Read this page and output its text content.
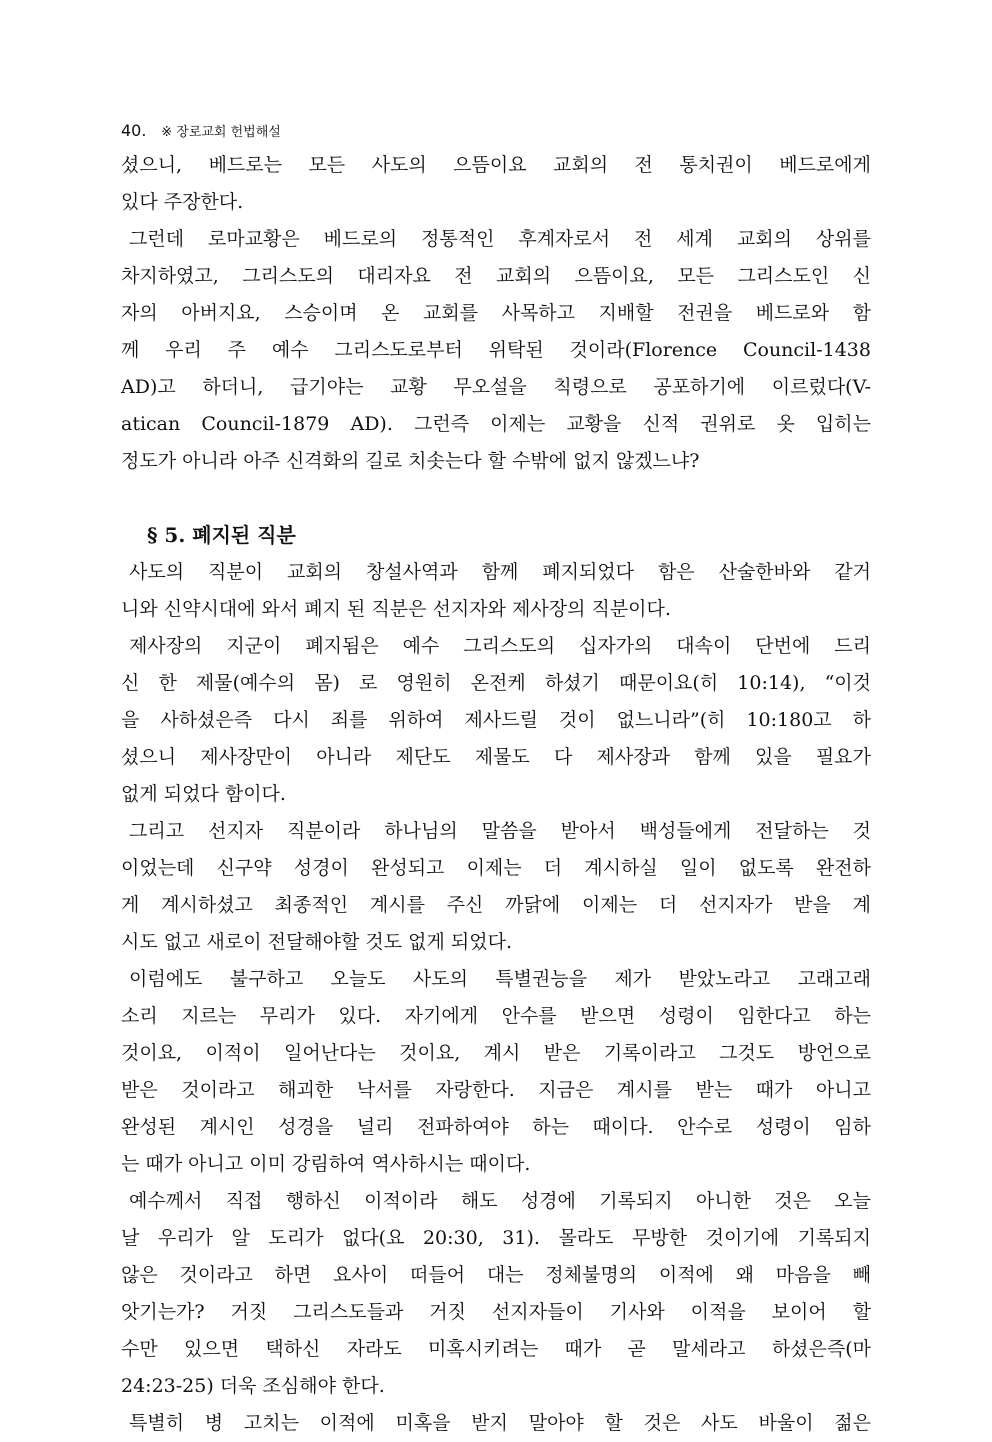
40. ※ 장로교회 헌법해설
셨으니, 베드로는 모든 사도의 으뜸이요 교회의 전 통치권이 베드로에게
있다 주장한다.
그런데 로마교황은 베드로의 정통적인 후계자로서 전 세계 교회의 상위를
차지하였고, 그리스도의 대리자요 전 교회의 으뜸이요, 모든 그리스도인 신
자의 아버지요, 스승이며 온 교회를 사목하고 지배할 전권을 베드로와 함
께 우리 주 예수 그리스도로부터 위탁된 것이라(Florence Council-1438
AD)고 하더니, 급기야는 교황 무오설을 칙령으로 공포하기에 이르렀다(V-
atican Council-1879 AD). 그런즉 이제는 교황을 신적 권위로 옷 입히는
정도가 아니라 아주 신격화의 길로 치솟는다 할 수밖에 없지 않겠느냐?
§ 5. 폐지된 직분
사도의 직분이 교회의 창설사역과 함께 폐지되었다 함은 산술한바와 같거
니와 신약시대에 와서 폐지 된 직분은 선지자와 제사장의 직분이다.
제사장의 지군이 폐지됨은 예수 그리스도의 십자가의 대속이 단번에 드리
신 한 제물(예수의 몸) 로 영원히 온전케 하셨기 때문이요(히 10:14), “이것
을 사하셨은즉 다시 죄를 위하여 제사드릴 것이 없느니라”(히 10:180고 하
셨으니 제사장만이 아니라 제단도 제물도 다 제사장과 함께 있을 필요가
없게 되었다 함이다.
그리고 선지자 직분이라 하나님의 말씀을 받아서 백성들에게 전달하는 것
이었는데 신구약 성경이 완성되고 이제는 더 계시하실 일이 없도록 완전하
게 계시하셨고 최종적인 계시를 주신 까닭에 이제는 더 선지자가 받을 계
시도 없고 새로이 전달해야할 것도 없게 되었다.
이럼에도 불구하고 오늘도 사도의 특별권능을 제가 받았노라고 고래고래
소리 지르는 무리가 있다. 자기에게 안수를 받으면 성령이 임한다고 하는
것이요, 이적이 일어난다는 것이요, 계시 받은 기록이라고 그것도 방언으로
받은 것이라고 해괴한 낙서를 자랑한다. 지금은 계시를 받는 때가 아니고
완성된 계시인 성경을 널리 전파하여야 하는 때이다. 안수로 성령이 임하
는 때가 아니고 이미 강림하여 역사하시는 때이다.
예수께서 직접 행하신 이적이라 해도 성경에 기록되지 아니한 것은 오늘
날 우리가 알 도리가 없다(요 20:30, 31). 몰라도 무방한 것이기에 기록되지
않은 것이라고 하면 요사이 떠들어 대는 정체불명의 이적에 왜 마음을 빼
앗기는가? 거짓 그리스도들과 거짓 선지자들이 기사와 이적을 보이어 할
수만 있으면 택하신 자라도 미혹시키려는 때가 곧 말세라고 하셨은즉(마
24:23-25) 더욱 조심해야 한다.
특별히 병 고치는 이적에 미혹을 받지 말아야 할 것은 사도 바울이 젊은
